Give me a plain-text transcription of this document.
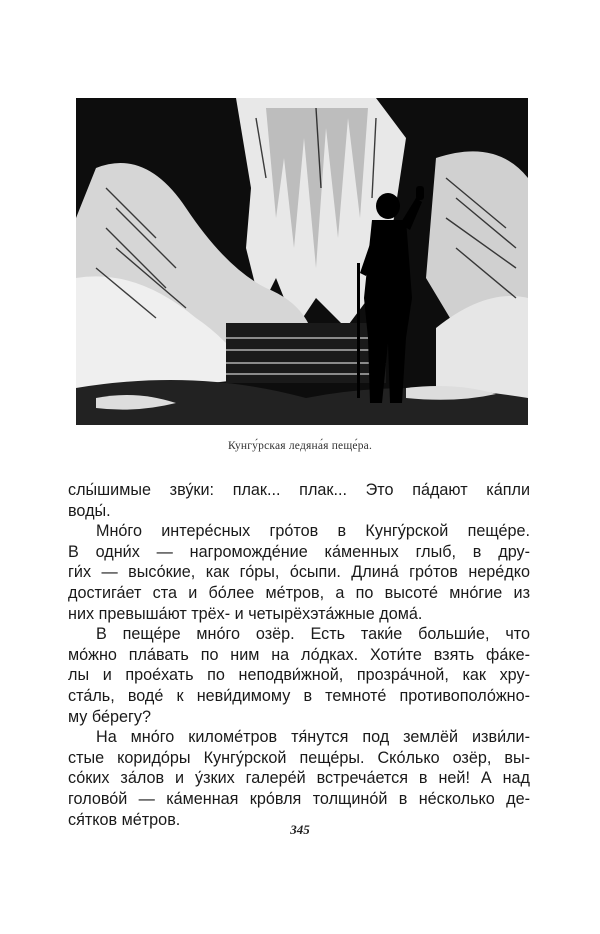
Кунгу́рская ледяна́я пеще́ра.
слы́шимые зву́ки: плак... плак... Это па́дают ка́пли
воды́.
Мно́го интере́сных гро́тов в Кунгу́рской пеще́ре.
В одни́х — нагроможде́ние ка́менных глыб, в дру-
ги́х — высо́кие, как го́ры, о́сыпи. Длина́ гро́тов нере́дко
достига́ет ста и бо́лее ме́тров, а по высоте́ мно́гие из
них превыша́ют трёх- и четырёхэта́жные дома́.
В пеще́ре мно́го озёр. Есть таки́е больши́е, что
мо́жно пла́вать по ним на ло́дках. Хоти́те взять фа́ке-
лы и прое́хать по неподви́жной, прозра́чной, как хру-
ста́ль, воде́ к неви́димому в темноте́ противополо́жно-
му бе́регу?
На мно́го киломе́тров тя́нутся под землёй изви́ли-
стые коридо́ры Кунгу́рской пеще́ры. Ско́лько озёр, вы-
со́ких за́лов и у́зких галере́й встреча́ется в ней! А над
голово́й — ка́менная кро́вля толщино́й в не́сколько де-
ся́тков ме́тров.
345
